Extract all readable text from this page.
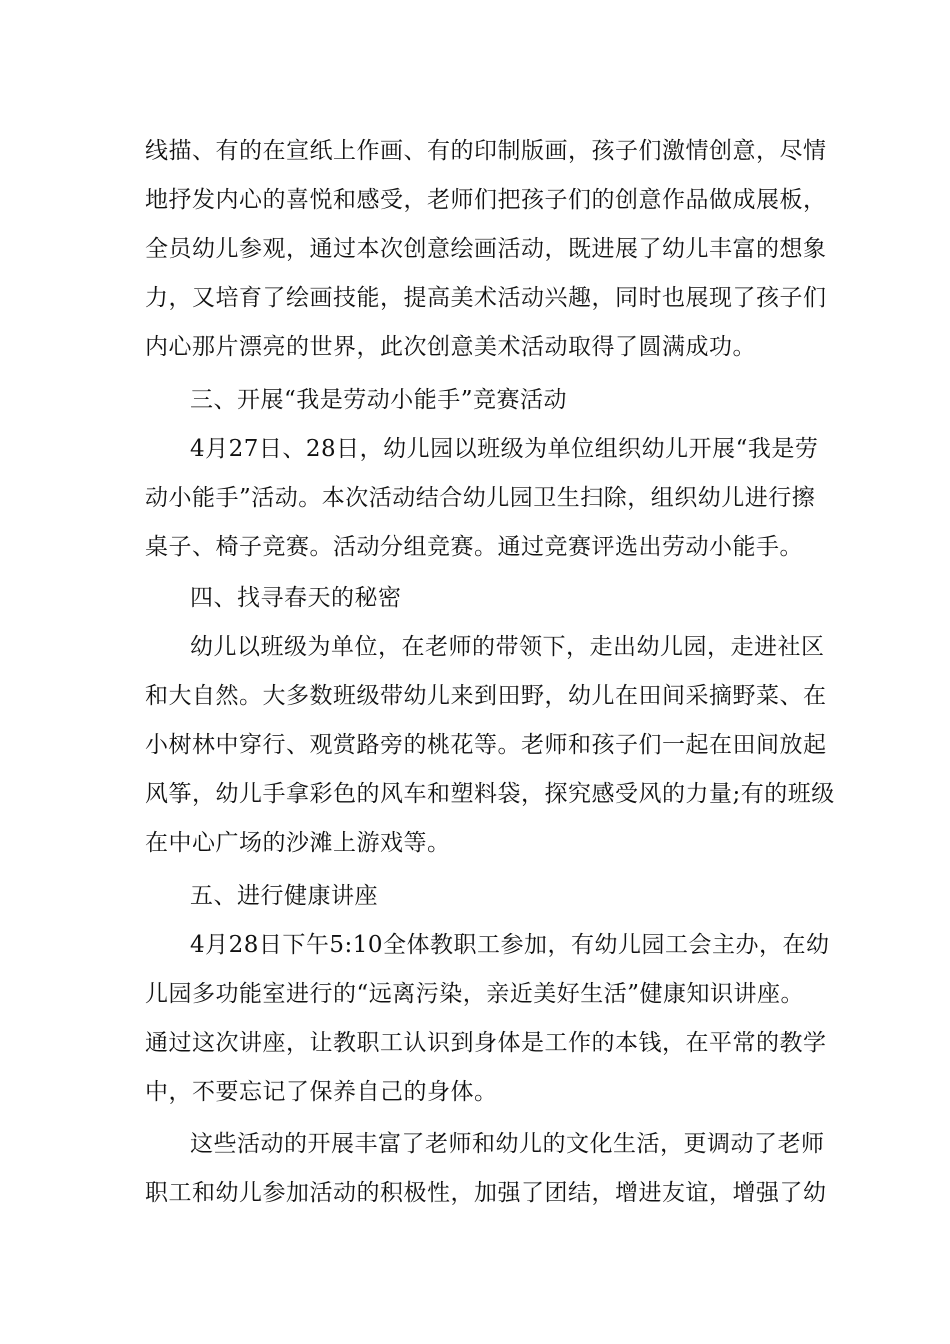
线描、有的在宣纸上作画、有的印制版画，孩子们激情创意，尽情
地抒发内心的喜悦和感受，老师们把孩子们的创意作品做成展板，
全员幼儿参观，通过本次创意绘画活动，既进展了幼儿丰富的想象
力，又培育了绘画技能，提高美术活动兴趣，同时也展现了孩子们
内心那片漂亮的世界，此次创意美术活动取得了圆满成功。
三、开展“我是劳动小能手”竞赛活动
4月27日、28日，幼儿园以班级为单位组织幼儿开展“我是劳
动小能手”活动。本次活动结合幼儿园卫生扫除，组织幼儿进行擦
桌子、椅子竞赛。活动分组竞赛。通过竞赛评选出劳动小能手。
四、找寻春天的秘密
幼儿以班级为单位，在老师的带领下，走出幼儿园，走进社区
和大自然。大多数班级带幼儿来到田野，幼儿在田间采摘野菜、在
小树林中穿行、观赏路旁的桃花等。老师和孩子们一起在田间放起
风筝，幼儿手拿彩色的风车和塑料袋，探究感受风的力量;有的班级
在中心广场的沙滩上游戏等。
五、进行健康讲座
4月28日下午5:10全体教职工参加，有幼儿园工会主办，在幼
儿园多功能室进行的“远离污染，亲近美好生活”健康知识讲座。
通过这次讲座，让教职工认识到身体是工作的本钱，在平常的教学
中，不要忘记了保养自己的身体。
这些活动的开展丰富了老师和幼儿的文化生活，更调动了老师
职工和幼儿参加活动的积极性，加强了团结，增进友谊，增强了幼
